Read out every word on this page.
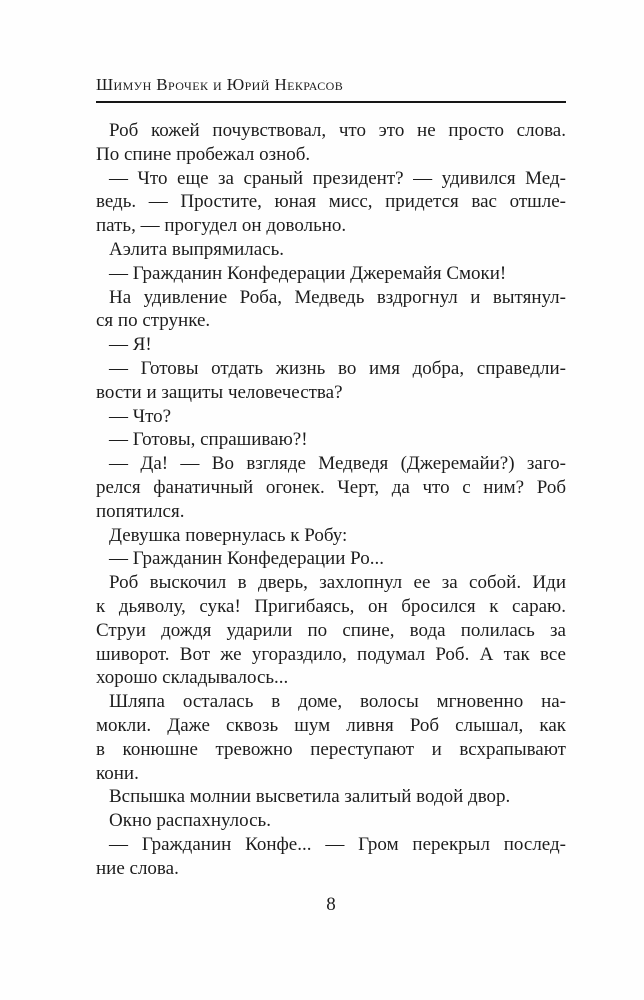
Шимун Врочек и Юрий Некрасов
Роб кожей почувствовал, что это не просто слова.
По спине пробежал озноб.
— Что еще за сраный президент? — удивился Мед-
ведь. — Простите, юная мисс, придется вас отшле-
пать, — прогудел он довольно.
Аэлита выпрямилась.
— Гражданин Конфедерации Джеремайя Смоки!
На удивление Роба, Медведь вздрогнул и вытянул-
ся по струнке.
— Я!
— Готовы отдать жизнь во имя добра, справедли-
вости и защиты человечества?
— Что?
— Готовы, спрашиваю?!
— Да! — Во взгляде Медведя (Джеремайи?) заго-
релся фанатичный огонек. Черт, да что с ним? Роб
попятился.
Девушка повернулась к Робу:
— Гражданин Конфедерации Ро...
Роб выскочил в дверь, захлопнул ее за собой. Иди
к дьяволу, сука! Пригибаясь, он бросился к сараю.
Струи дождя ударили по спине, вода полилась за
шиворот. Вот же угораздило, подумал Роб. А так все
хорошо складывалось...
Шляпа осталась в доме, волосы мгновенно на-
мокли. Даже сквозь шум ливня Роб слышал, как
в конюшне тревожно переступают и всхрапывают
кони.
Вспышка молнии высветила залитый водой двор.
Окно распахнулось.
— Гражданин Конфе... — Гром перекрыл послед-
ние слова.
8
